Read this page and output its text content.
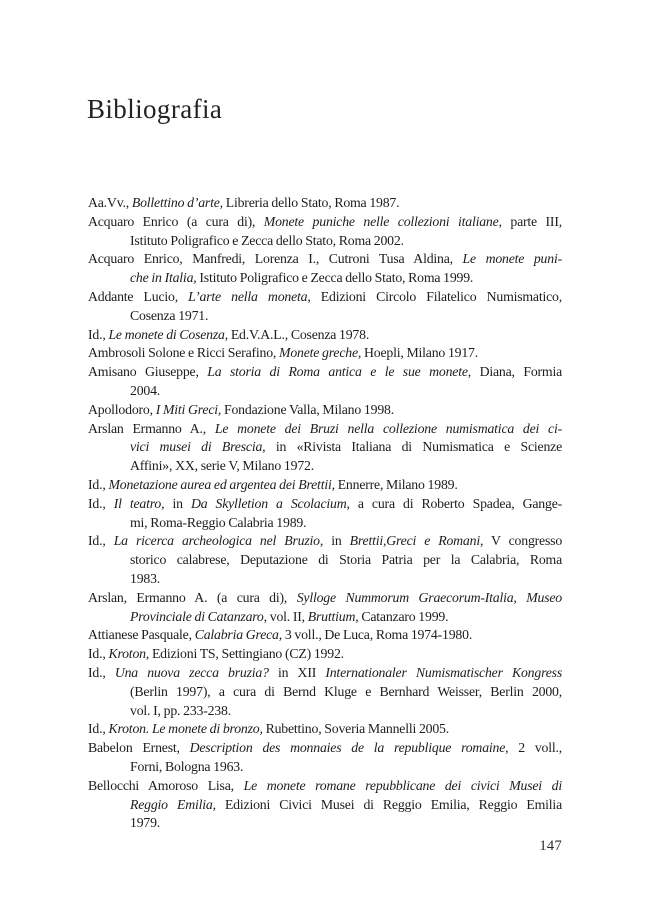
Bibliografia
Aa.Vv., Bollettino d’arte, Libreria dello Stato, Roma 1987.
Acquaro Enrico (a cura di), Monete puniche nelle collezioni italiane, parte III,
Istituto Poligrafico e Zecca dello Stato, Roma 2002.
Acquaro Enrico, Manfredi, Lorenza I., Cutroni Tusa Aldina, Le monete puni-
che in Italia, Istituto Poligrafico e Zecca dello Stato, Roma 1999.
Addante Lucio, L’arte nella moneta, Edizioni Circolo Filatelico Numismatico,
Cosenza 1971.
Id., Le monete di Cosenza, Ed.V.A.L., Cosenza 1978.
Ambrosoli Solone e Ricci Serafino, Monete greche, Hoepli, Milano 1917.
Amisano Giuseppe, La storia di Roma antica e le sue monete, Diana, Formia
2004.
Apollodoro, I Miti Greci, Fondazione Valla, Milano 1998.
Arslan Ermanno A., Le monete dei Bruzi nella collezione numismatica dei ci-
vici musei di Brescia, in «Rivista Italiana di Numismatica e Scienze
Affini», XX, serie V, Milano 1972.
Id., Monetazione aurea ed argentea dei Brettii, Ennerre, Milano 1989.
Id., Il teatro, in Da Skylletion a Scolacium, a cura di Roberto Spadea, Gange-
mi, Roma-Reggio Calabria 1989.
Id., La ricerca archeologica nel Bruzio, in Brettii,Greci e Romani, V congresso
storico calabrese, Deputazione di Storia Patria per la Calabria, Roma
1983.
Arslan, Ermanno A. (a cura di), Sylloge Nummorum Graecorum-Italia, Museo
Provinciale di Catanzaro, vol. II, Bruttium, Catanzaro 1999.
Attianese Pasquale, Calabria Greca, 3 voll., De Luca, Roma 1974-1980.
Id., Kroton, Edizioni TS, Settingiano (CZ) 1992.
Id., Una nuova zecca bruzia? in XII Internationaler Numismatischer Kongress
(Berlin 1997), a cura di Bernd Kluge e Bernhard Weisser, Berlin 2000,
vol. I, pp. 233-238.
Id., Kroton. Le monete di bronzo, Rubettino, Soveria Mannelli 2005.
Babelon Ernest, Description des monnaies de la republique romaine, 2 voll.,
Forni, Bologna 1963.
Bellocchi Amoroso Lisa, Le monete romane repubblicane dei civici Musei di
Reggio Emilia, Edizioni Civici Musei di Reggio Emilia, Reggio Emilia
1979.
147
